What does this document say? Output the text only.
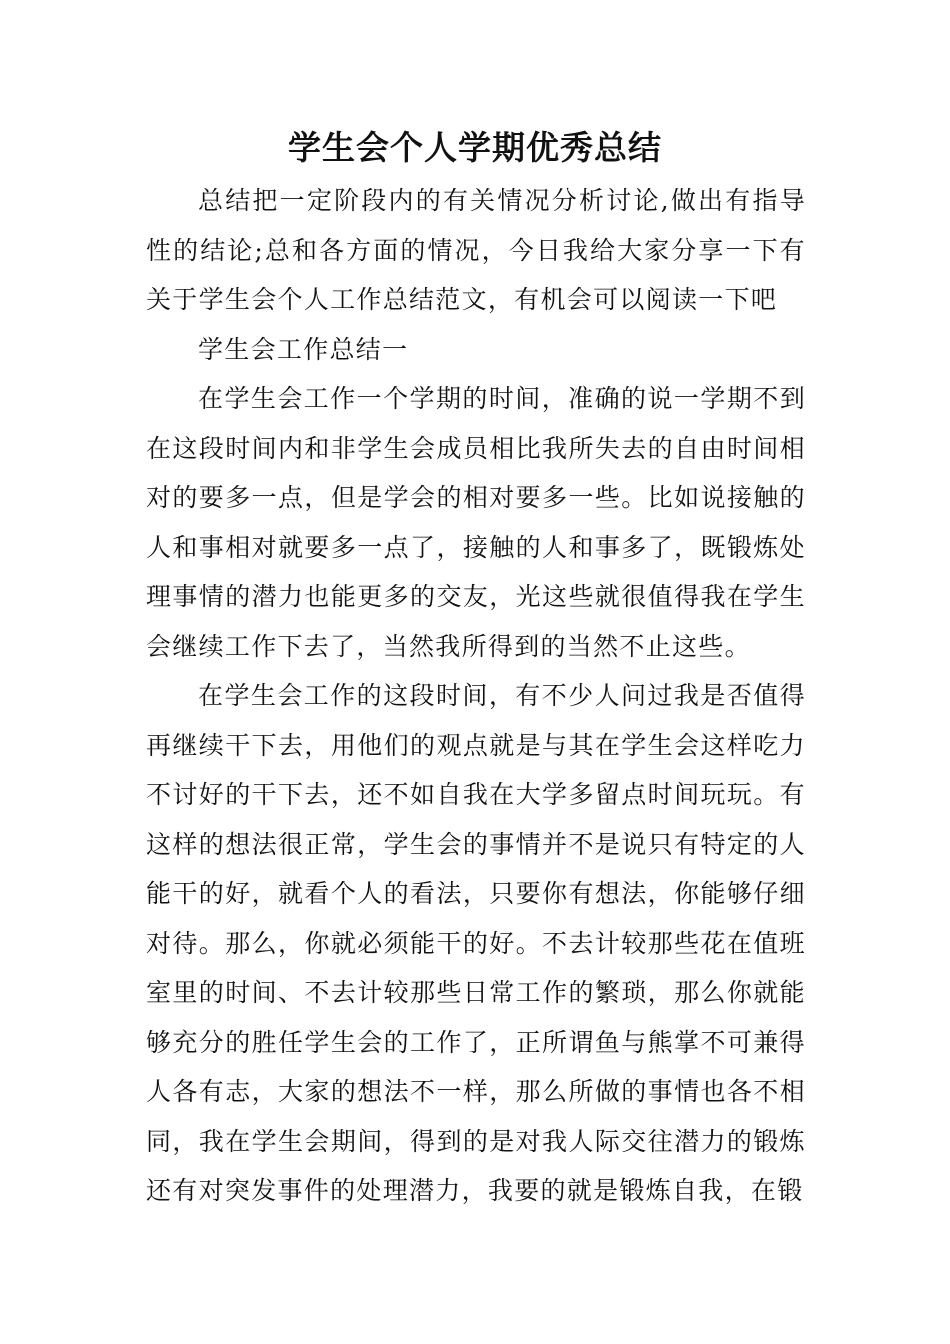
学生会个人学期优秀总结

总结把一定阶段内的有关情况分析讨论,做出有指导性的结论;总和各方面的情况，今日我给大家分享一下有关于学生会个人工作总结范文，有机会可以阅读一下吧

学生会工作总结一

在学生会工作一个学期的时间，准确的说一学期不到在这段时间内和非学生会成员相比我所失去的自由时间相对的要多一点，但是学会的相对要多一些。比如说接触的人和事相对就要多一点了，接触的人和事多了，既锻炼处理事情的潜力也能更多的交友，光这些就很值得我在学生会继续工作下去了，当然我所得到的当然不止这些。

在学生会工作的这段时间，有不少人问过我是否值得再继续干下去，用他们的观点就是与其在学生会这样吃力不讨好的干下去，还不如自我在大学多留点时间玩玩。有这样的想法很正常，学生会的事情并不是说只有特定的人能干的好，就看个人的看法，只要你有想法，你能够仔细对待。那么，你就必须能干的好。不去计较那些花在值班室里的时间、不去计较那些日常工作的繁琐，那么你就能够充分的胜任学生会的工作了，正所谓鱼与熊掌不可兼得人各有志，大家的想法不一样，那么所做的事情也各不相同，我在学生会期间，得到的是对我人际交往潜力的锻炼还有对突发事件的处理潜力，我要的就是锻炼自我，在锻
